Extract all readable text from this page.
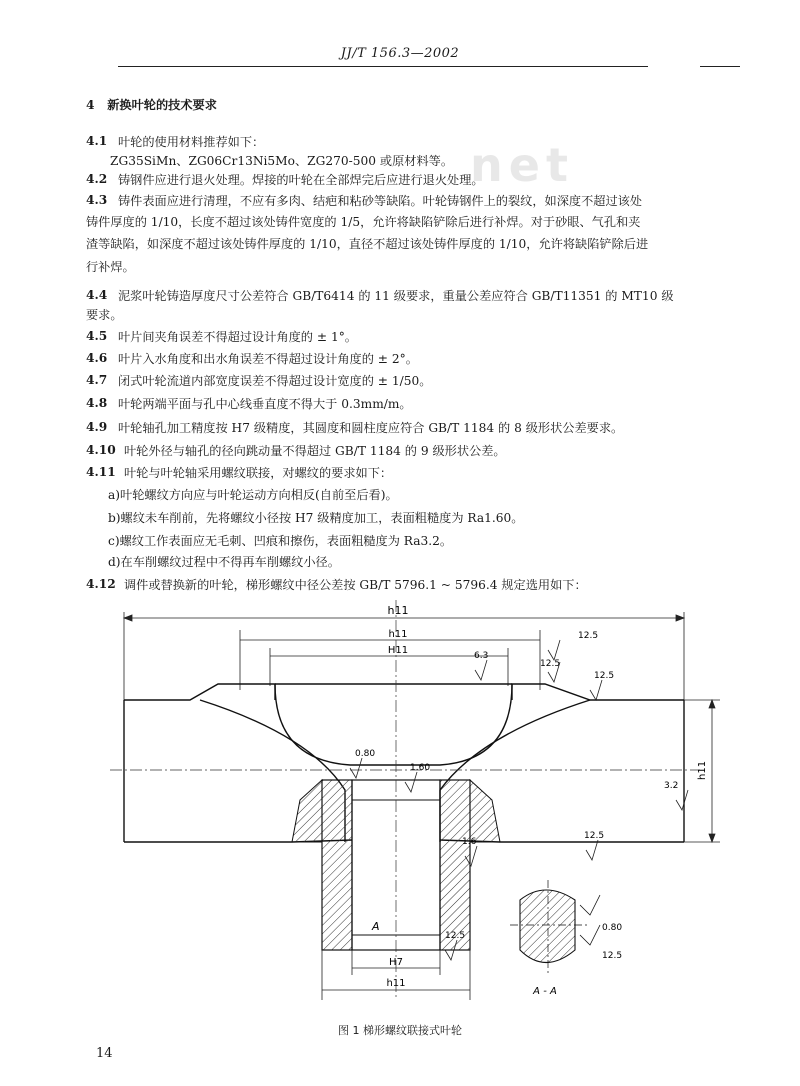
JJ/T 156.3—2002
net
4 新换叶轮的技术要求
4.1 叶轮的使用材料推荐如下：
ZG35SiMn、ZG06Cr13Ni5Mo、ZG270-500 或原材料等。
4.2 铸钢件应进行退火处理。焊接的叶轮在全部焊完后应进行退火处理。
4.3 铸件表面应进行清理，不应有多肉、结疤和粘砂等缺陷。叶轮铸钢件上的裂纹，如深度不超过该处
铸件厚度的 1/10，长度不超过该处铸件宽度的 1/5，允许将缺陷铲除后进行补焊。对于砂眼、气孔和夹
渣等缺陷，如深度不超过该处铸件厚度的 1/10，直径不超过该处铸件厚度的 1/10，允许将缺陷铲除后进
行补焊。
4.4 泥浆叶轮铸造厚度尺寸公差符合 GB/T6414 的 11 级要求，重量公差应符合 GB/T11351 的 MT10 级
要求。
4.5 叶片间夹角误差不得超过设计角度的 ± 1°。
4.6 叶片入水角度和出水角误差不得超过设计角度的 ± 2°。
4.7 闭式叶轮流道内部宽度误差不得超过设计宽度的 ± 1/50。
4.8 叶轮两端平面与孔中心线垂直度不得大于 0.3mm/m。
4.9 叶轮轴孔加工精度按 H7 级精度，其圆度和圆柱度应符合 GB/T 1184 的 8 级形状公差要求。
4.10 叶轮外径与轴孔的径向跳动量不得超过 GB/T 1184 的 9 级形状公差。
4.11 叶轮与叶轮轴采用螺纹联接，对螺纹的要求如下：
a)叶轮螺纹方向应与叶轮运动方向相反(自前至后看)。
b)螺纹未车削前，先将螺纹小径按 H7 级精度加工，表面粗糙度为 Ra1.60。
c)螺纹工作表面应无毛刺、凹痕和擦伤，表面粗糙度为 Ra3.2。
d)在车削螺纹过程中不得再车削螺纹小径。
4.12 调件或替换新的叶轮，梯形螺纹中径公差按 GB/T 5796.1 ~ 5796.4 规定选用如下：
h11
h11
H11
h11
H7
h11
12.5
12.5
12.5
6.3
0.80
12.5
1.60
3.2
12.5
1.6
A	0.80
12.5
A - A
图 1 梯形螺纹联接式叶轮
14
